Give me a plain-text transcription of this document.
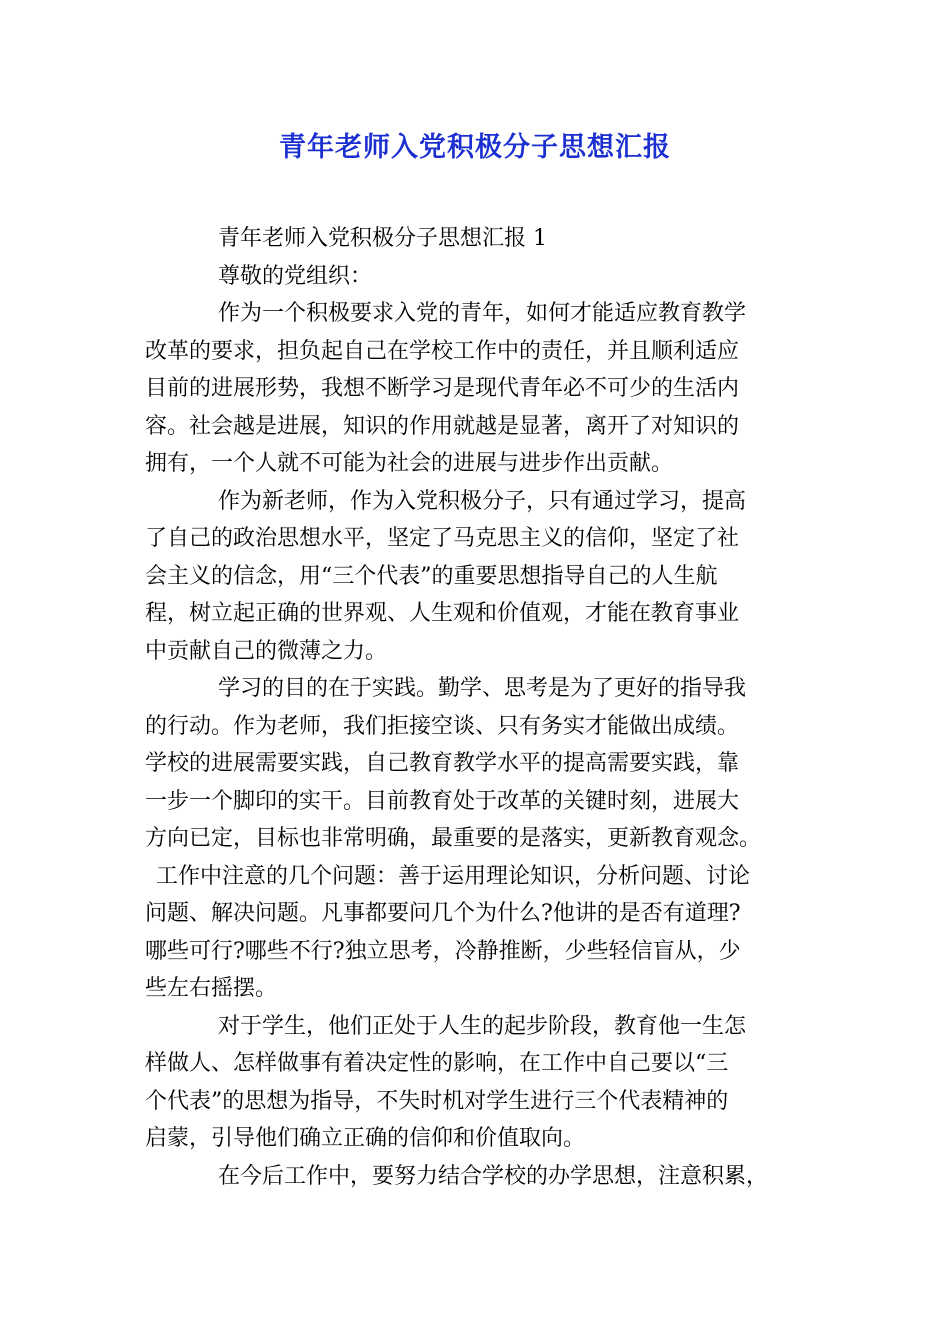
青年老师入党积极分子思想汇报
青年老师入党积极分子思想汇报 1
尊敬的党组织：
作为一个积极要求入党的青年，如何才能适应教育教学
改革的要求，担负起自己在学校工作中的责任，并且顺利适应
目前的进展形势，我想不断学习是现代青年必不可少的生活内
容。社会越是进展，知识的作用就越是显著，离开了对知识的
拥有，一个人就不可能为社会的进展与进步作出贡献。
作为新老师，作为入党积极分子，只有通过学习，提高
了自己的政治思想水平，坚定了马克思主义的信仰，坚定了社
会主义的信念，用“三个代表”的重要思想指导自己的人生航
程，树立起正确的世界观、人生观和价值观，才能在教育事业
中贡献自己的微薄之力。
学习的目的在于实践。勤学、思考是为了更好的指导我
的行动。作为老师，我们拒接空谈、只有务实才能做出成绩。
学校的进展需要实践，自己教育教学水平的提高需要实践，靠
一步一个脚印的实干。目前教育处于改革的关键时刻，进展大
方向已定，目标也非常明确，最重要的是落实，更新教育观念。
工作中注意的几个问题：善于运用理论知识，分析问题、讨论
问题、解决问题。凡事都要问几个为什么?他讲的是否有道理?
哪些可行?哪些不行?独立思考，冷静推断，少些轻信盲从，少
些左右摇摆。
对于学生，他们正处于人生的起步阶段，教育他一生怎
样做人、怎样做事有着决定性的影响，在工作中自己要以“三
个代表”的思想为指导，不失时机对学生进行三个代表精神的
启蒙，引导他们确立正确的信仰和价值取向。
在今后工作中，要努力结合学校的办学思想，注意积累，
